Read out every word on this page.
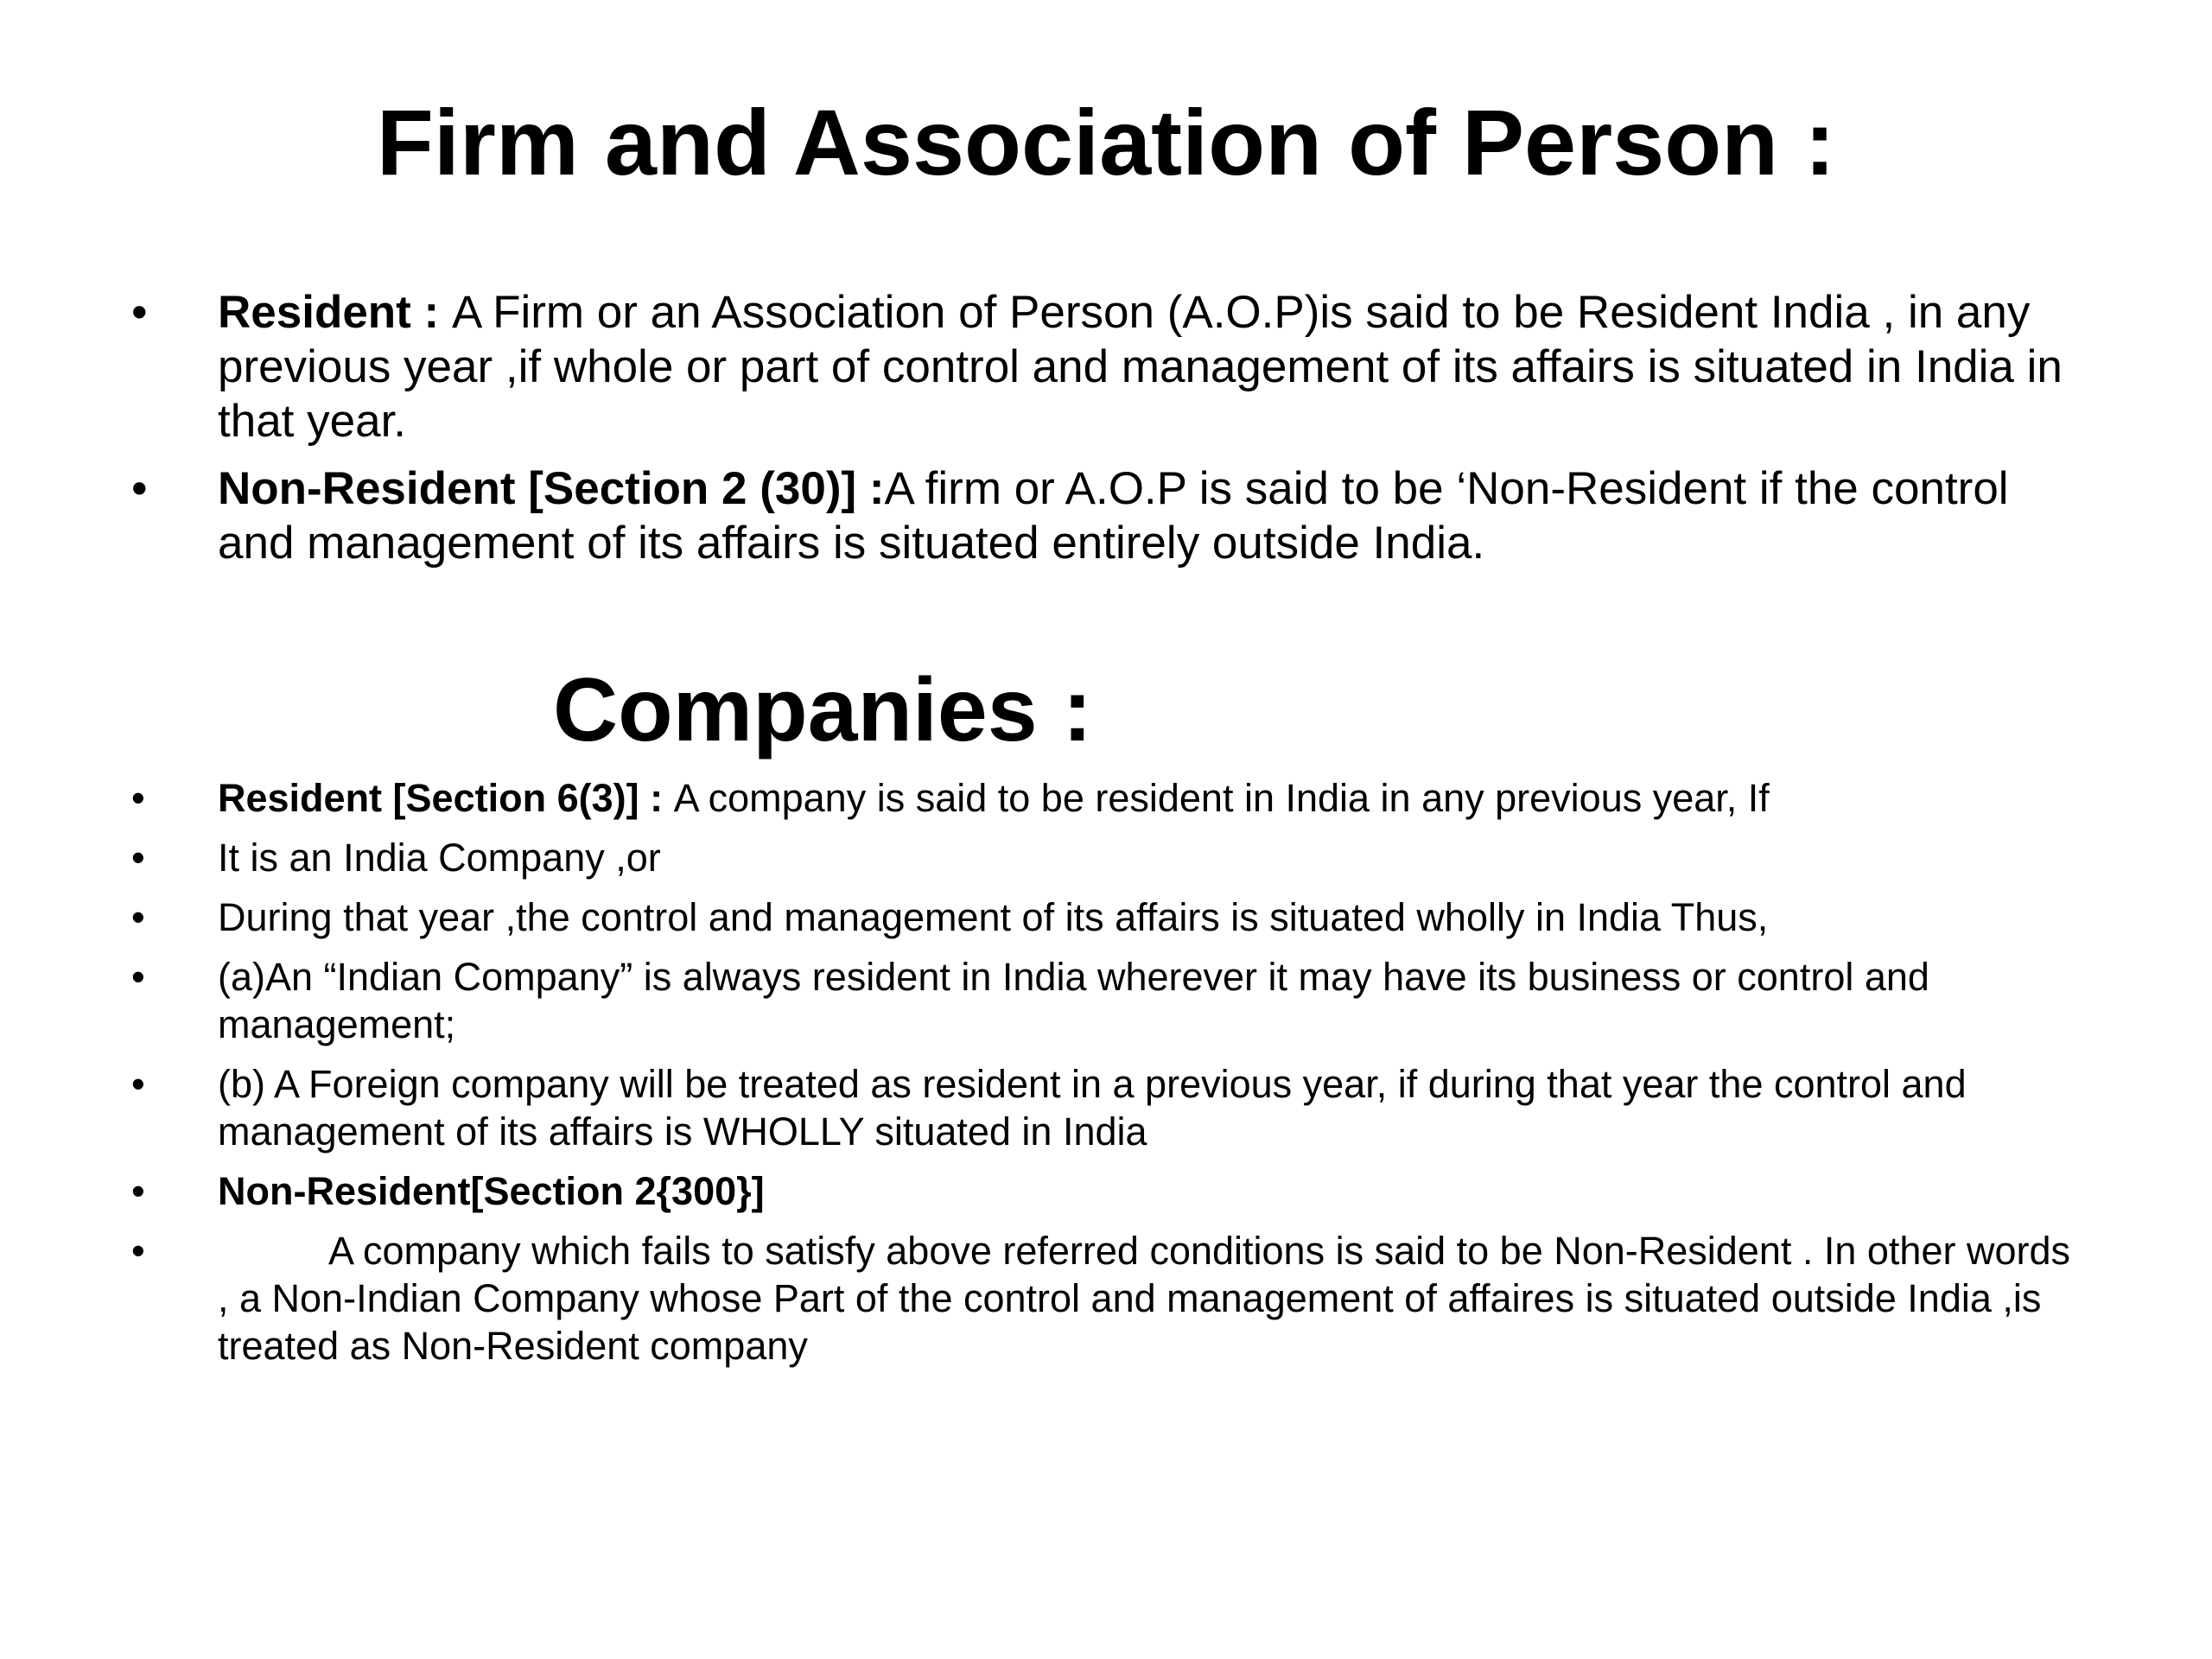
Firm and Association of Person :
•	Resident : A Firm or an Association of Person (A.O.P)is said to be Resident India , in any previous year ,if whole or part of control and management of its affairs is situated in India in that year.
•	Non-Resident [Section 2 (30)] :A firm or A.O.P is said to be ‘Non-Resident if the control and management of its affairs is situated entirely outside India.
Companies :
•	Resident [Section 6(3)] : A company is said to be resident in India in any previous year, If
•	It is an India Company ,or
•	During that year ,the control and management of its affairs is situated wholly in India Thus,
•	(a)An “Indian Company” is always resident in India wherever it may have its business or control and management;
•	(b) A Foreign company will be treated as resident in a previous year, if during that year the control and management of its affairs is WHOLLY situated in India
•	Non-Resident[Section 2{300}]
•	A company which fails to satisfy above referred conditions is said to be Non-Resident . In other words , a Non-Indian Company whose Part of the control and management of affaires is situated outside India ,is treated as Non-Resident company
